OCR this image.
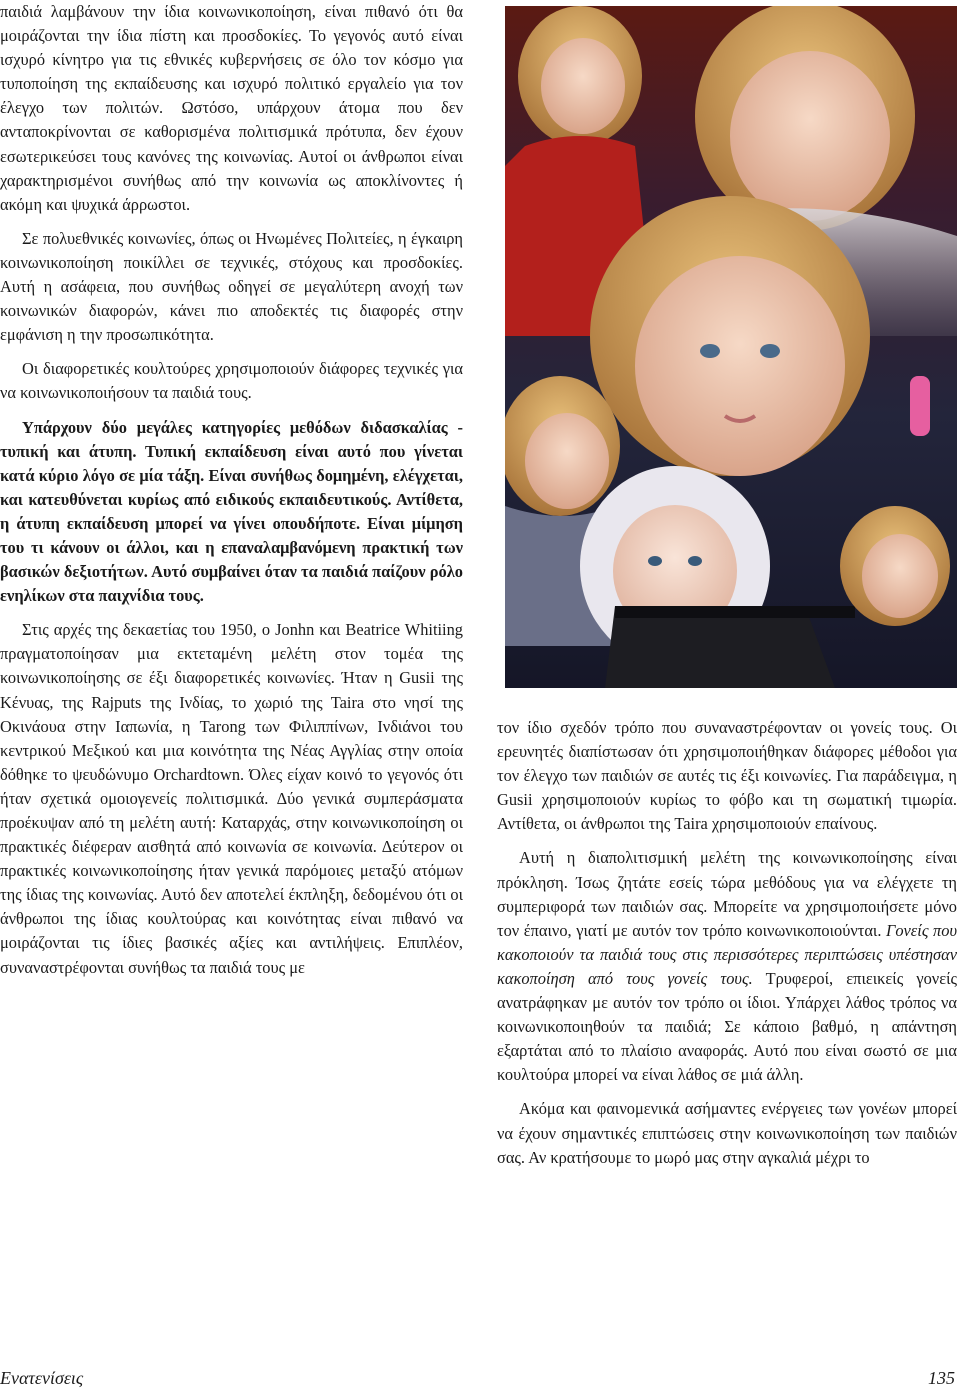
παιδιά λαμβάνουν την ίδια κοινωνικοποίηση, είναι πιθανό ότι θα μοιράζονται την ίδια πίστη και προσδοκίες. Το γεγονός αυτό είναι ισχυρό κίνητρο για τις εθνικές κυβερνήσεις σε όλο τον κόσμο για τυποποίηση της εκπαίδευσης και ισχυρό πολιτικό εργαλείο για τον έλεγχο των πολιτών. Ωστόσο, υπάρχουν άτομα που δεν ανταποκρίνονται σε καθορισμένα πολιτισμικά πρότυπα, δεν έχουν εσωτερικεύσει τους κανόνες της κοινωνίας. Αυτοί οι άνθρωποι είναι χαρακτηρισμένοι συνήθως από την κοινωνία ως αποκλίνοντες ή ακόμη και ψυχικά άρρωστοι.

Σε πολυεθνικές κοινωνίες, όπως οι Ηνωμένες Πολιτείες, η έγκαιρη κοινωνικοποίηση ποικίλλει σε τεχνικές, στόχους και προσδοκίες. Αυτή η ασάφεια, που συνήθως οδηγεί σε μεγαλύτερη ανοχή των κοινωνικών διαφορών, κάνει πιο αποδεκτές τις διαφορές στην εμφάνιση η την προσωπικότητα.

Οι διαφορετικές κουλτούρες χρησιμοποιούν διάφορες τεχνικές για να κοινωνικοποιήσουν τα παιδιά τους.

Υπάρχουν δύο μεγάλες κατηγορίες μεθόδων διδασκαλίας - τυπική και άτυπη. Τυπική εκπαίδευση είναι αυτό που γίνεται κατά κύριο λόγο σε μία τάξη. Είναι συνήθως δομημένη, ελέγχεται, και κατευθύνεται κυρίως από ειδικούς εκπαιδευτικούς. Αντίθετα, η άτυπη εκπαίδευση μπορεί να γίνει οπουδήποτε. Είναι μίμηση του τι κάνουν οι άλλοι, και η επαναλαμβανόμενη πρακτική των βασικών δεξιοτήτων. Αυτό συμβαίνει όταν τα παιδιά παίζουν ρόλο ενηλίκων στα παιχνίδια τους.

Στις αρχές της δεκαετίας του 1950, ο Jonhn και Beatrice Whitiing πραγματοποίησαν μια εκτεταμένη μελέτη στον τομέα της κοινωνικοποίησης σε έξι διαφορετικές κοινωνίες. Ήταν η Gusii της Κένυας, της Rajputs της Ινδίας, το χωριό της Taira στο νησί της Οκινάουα στην Ιαπωνία, η Tarong των Φιλιππίνων, Ινδιάνοι του κεντρικού Μεξικού και μια κοινότητα της Νέας Αγγλίας στην οποία δόθηκε το ψευδώνυμο Orchardtown. Όλες είχαν κοινό το γεγονός ότι ήταν σχετικά ομοιογενείς πολιτισμικά. Δύο γενικά συμπεράσματα προέκυψαν από τη μελέτη αυτή: Καταρχάς, στην κοινωνικοποίηση οι πρακτικές διέφεραν αισθητά από κοινωνία σε κοινωνία. Δεύτερον οι πρακτικές κοινωνικοποίησης ήταν γενικά παρόμοιες μεταξύ ατόμων της ίδιας της κοινωνίας. Αυτό δεν αποτελεί έκπληξη, δεδομένου ότι οι άνθρωποι της ίδιας κουλτούρας και κοινότητας είναι πιθανό να μοιράζονται τις ίδιες βασικές αξίες και αντιλήψεις. Επιπλέον, συναναστρέφονται συνήθως τα παιδιά τους με

τον ίδιο σχεδόν τρόπο που συναναστρέφονταν οι γονείς τους. Οι ερευνητές διαπίστωσαν ότι χρησιμοποιήθηκαν διάφορες μέθοδοι για τον έλεγχο των παιδιών σε αυτές τις έξι κοινωνίες. Για παράδειγμα, η Gusii χρησιμοποιούν κυρίως το φόβο και τη σωματική τιμωρία. Αντίθετα, οι άνθρωποι της Taira χρησιμοποιούν επαίνους.

Αυτή η διαπολιτισμική μελέτη της κοινωνικοποίησης είναι πρόκληση. Ίσως ζητάτε εσείς τώρα μεθόδους για να ελέγχετε τη συμπεριφορά των παιδιών σας. Μπορείτε να χρησιμοποιήσετε μόνο τον έπαινο, γιατί με αυτόν τον τρόπο κοινωνικοποιούνται. Γονείς που κακοποιούν τα παιδιά τους στις περισσότερες περιπτώσεις υπέστησαν κακοποίηση από τους γονείς τους. Τρυφεροί, επιεικείς γονείς ανατράφηκαν με αυτόν τον τρόπο οι ίδιοι. Υπάρχει λάθος τρόπος να κοινωνικοποιηθούν τα παιδιά; Σε κάποιο βαθμό, η απάντηση εξαρτάται από το πλαίσιο αναφοράς. Αυτό που είναι σωστό σε μια κουλτούρα μπορεί να είναι λάθος σε μιά άλλη.

Ακόμα και φαινομενικά ασήμαντες ενέργειες των γονέων μπορεί να έχουν σημαντικές επιπτώσεις στην κοινωνικοποίηση των παιδιών σας. Αν κρατήσουμε το μωρό μας στην αγκαλιά μέχρι το

Ενατενίσεις	135
